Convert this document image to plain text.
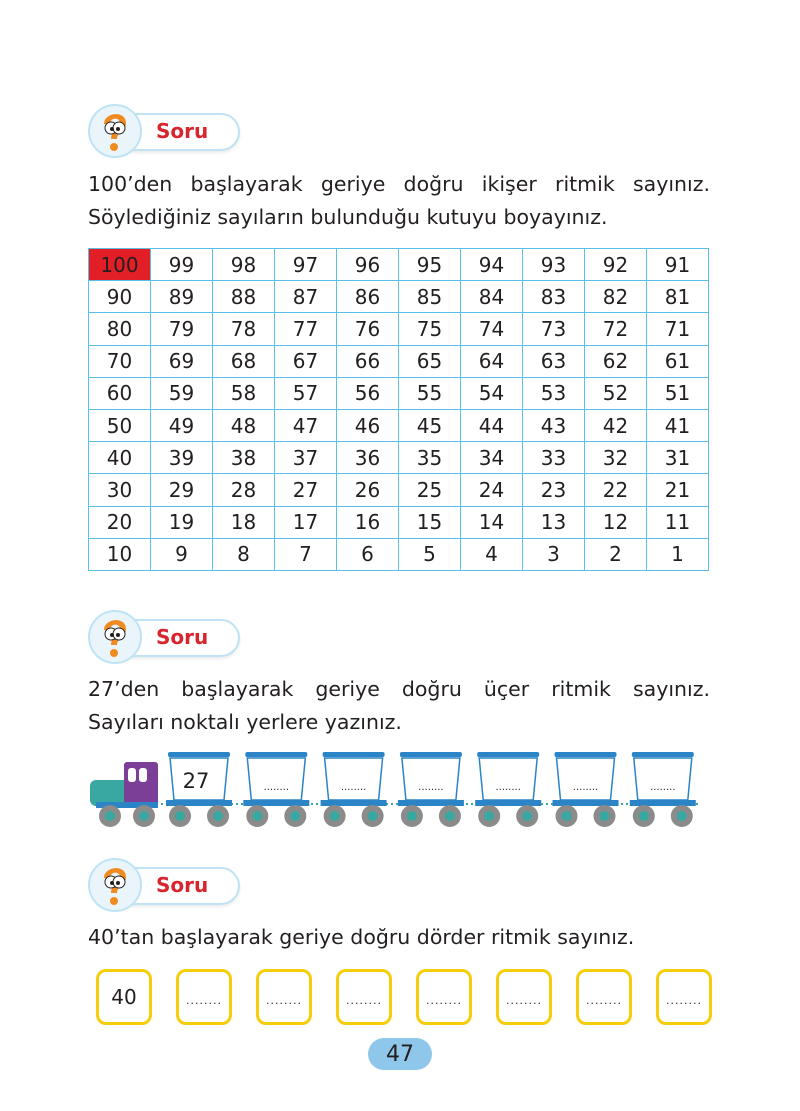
Soru
100’den başlayarak geriye doğru ikişer ritmik sayınız.
Söylediğiniz sayıların bulunduğu kutuyu boyayınız.
100	99	98	97	96	95	94	93	92	91
90	89	88	87	86	85	84	83	82	81
80	79	78	77	76	75	74	73	72	71
70	69	68	67	66	65	64	63	62	61
60	59	58	57	56	55	54	53	52	51
50	49	48	47	46	45	44	43	42	41
40	39	38	37	36	35	34	33	32	31
30	29	28	27	26	25	24	23	22	21
20	19	18	17	16	15	14	13	12	11
10	9	8	7	6	5	4	3	2	1
Soru
27’den başlayarak geriye doğru üçer ritmik sayınız.
Sayıları noktalı yerlere yazınız.
27	........	........	........	........	........	........
Soru
40’tan başlayarak geriye doğru dörder ritmik sayınız.
40	........	........	........	........	........	........	........
47
